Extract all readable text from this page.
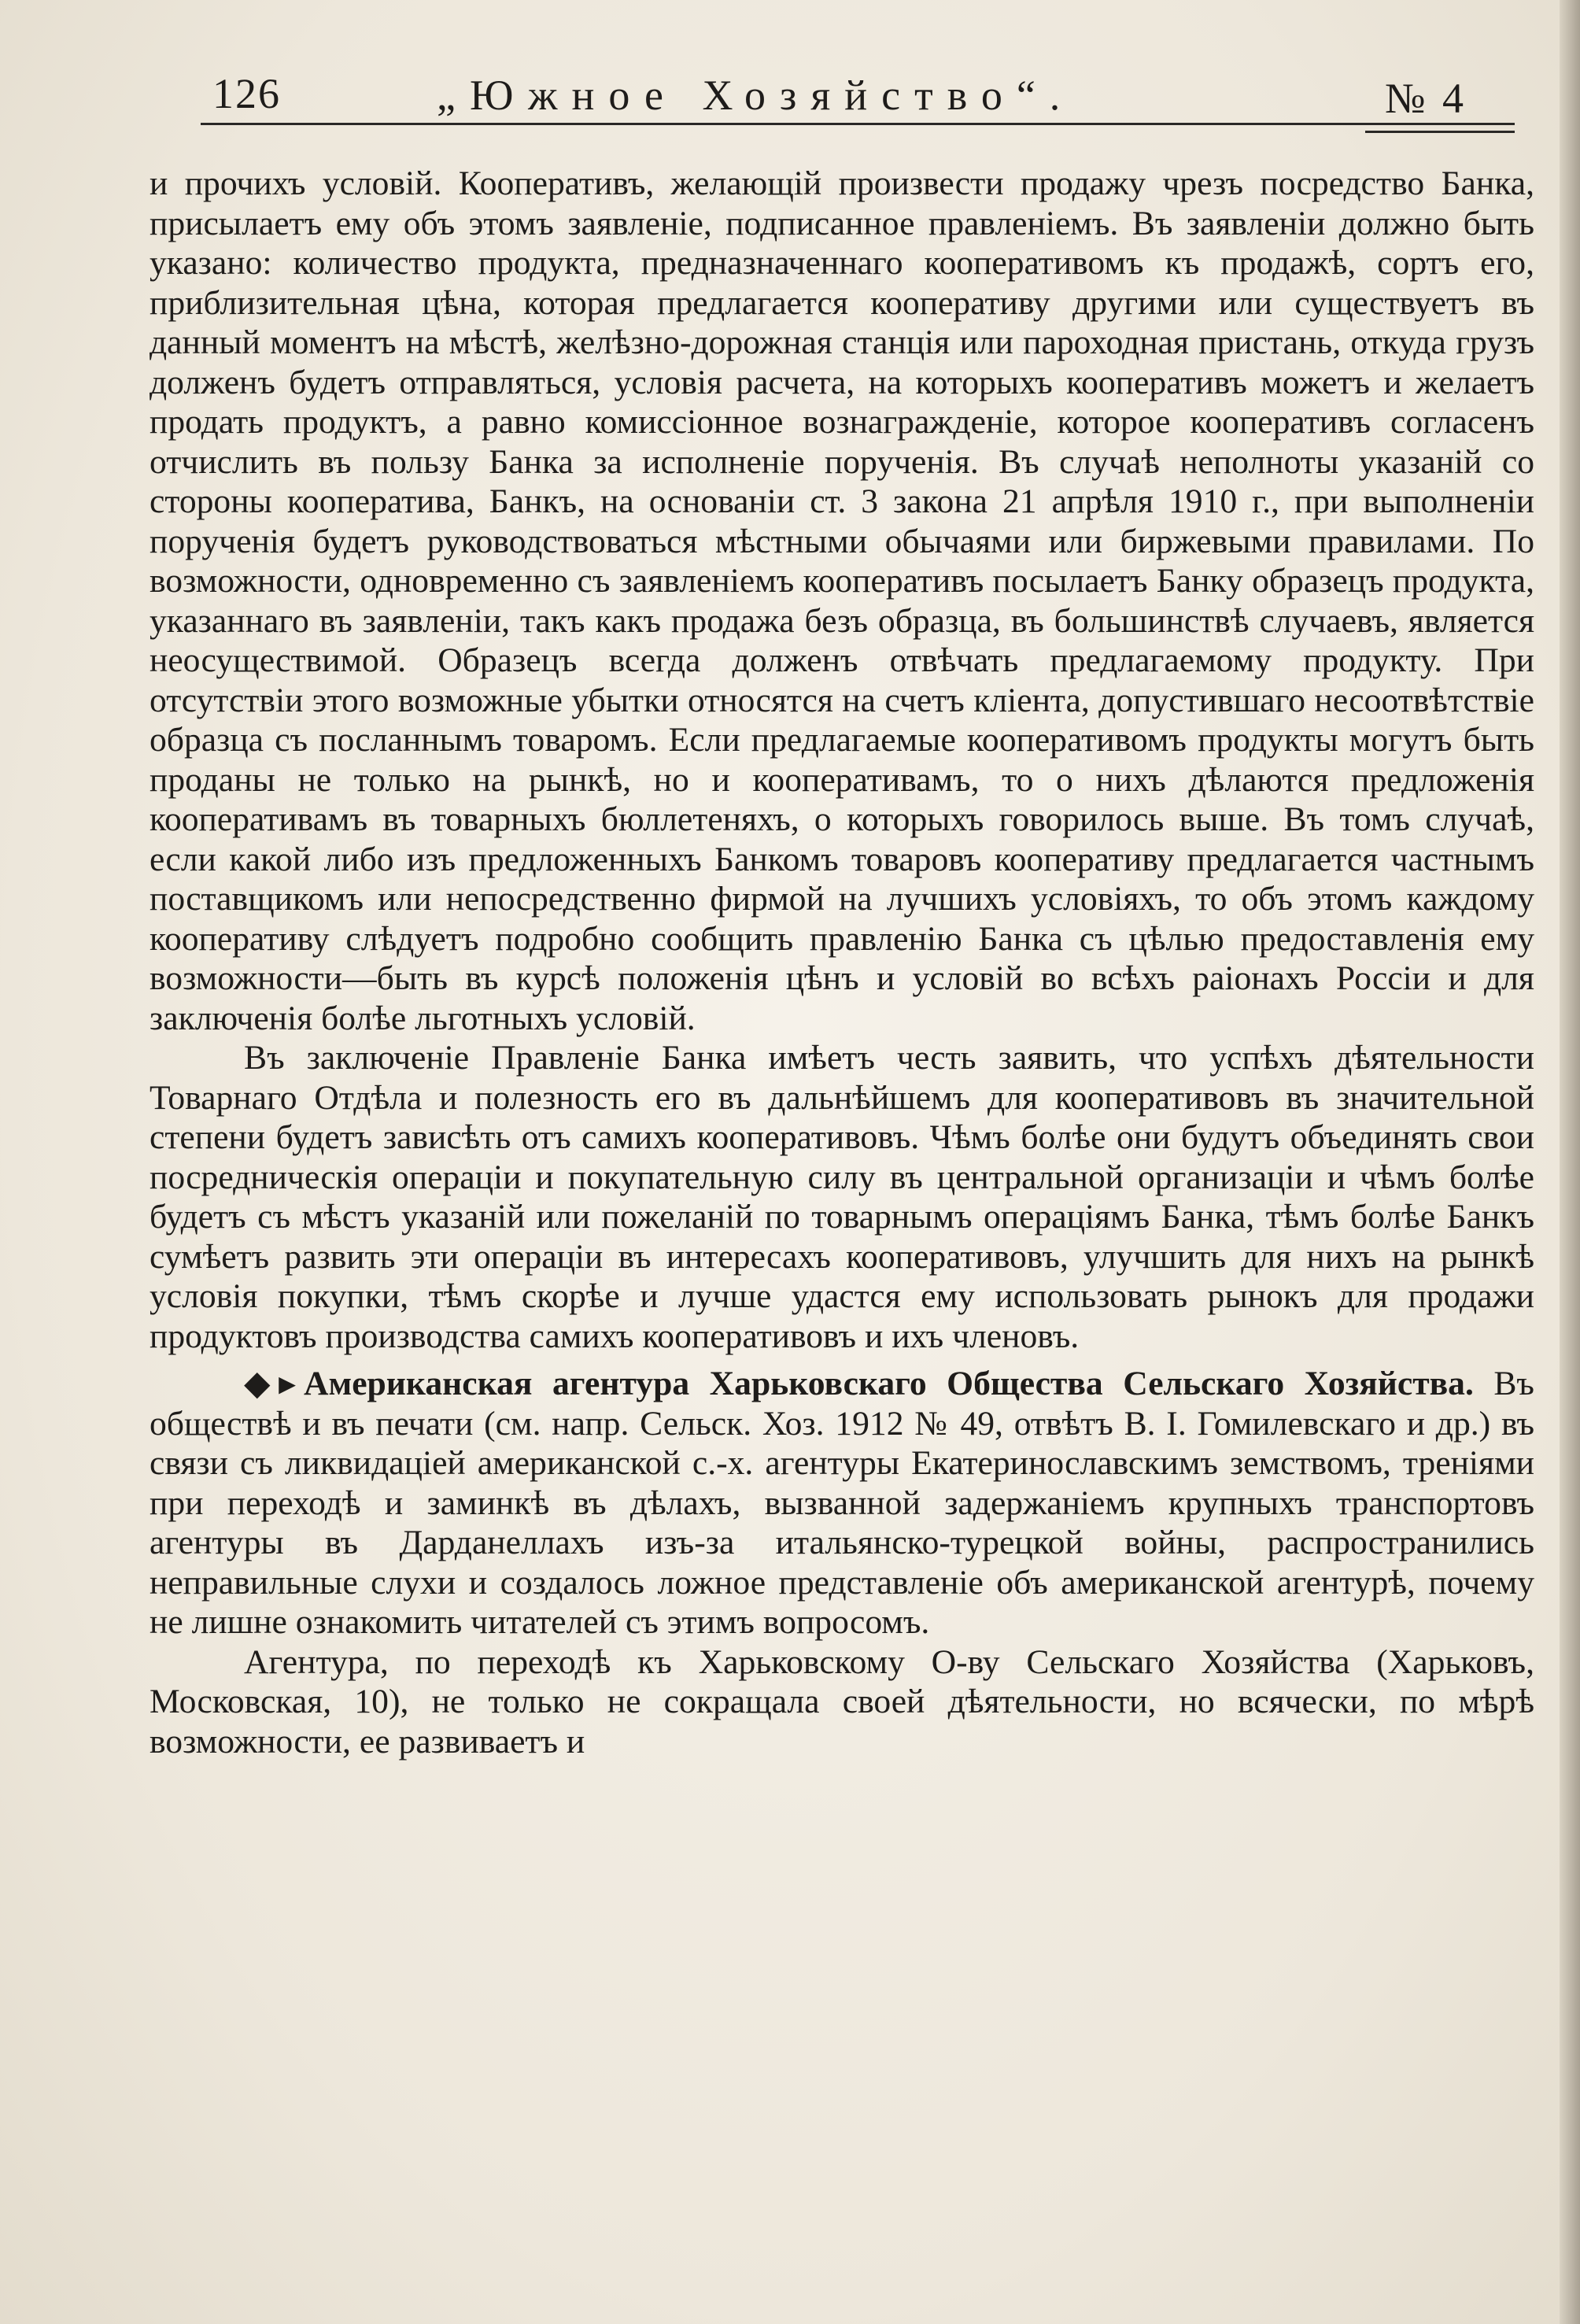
126	„Южное Хозяйство“.	№ 4

и прочихъ условій. Кооперативъ, желающій произвести продажу чрезъ посредство Банка, присылаетъ ему объ этомъ заявленіе, подписанное правленіемъ. Въ заявленіи должно быть указано: количество продукта, предназначеннаго кооперативомъ къ продажѣ, сортъ его, приблизительная цѣна, которая предлагается кооперативу другими или существуетъ въ данный моментъ на мѣстѣ, желѣзно-дорожная станція или пароходная пристань, откуда грузъ долженъ будетъ отправляться, условія расчета, на которыхъ кооперативъ можетъ и желаетъ продать продуктъ, а равно комиссіонное вознагражденіе, которое кооперативъ согласенъ отчислить въ пользу Банка за исполненіе порученія. Въ случаѣ неполноты указаній со стороны кооператива, Банкъ, на основаніи ст. 3 закона 21 апрѣля 1910 г., при выполненіи порученія будетъ руководствоваться мѣстными обычаями или биржевыми правилами. По возможности, одновременно съ заявленіемъ кооперативъ посылаетъ Банку образецъ продукта, указаннаго въ заявленіи, такъ какъ продажа безъ образца, въ большинствѣ случаевъ, является неосуществимой. Образецъ всегда долженъ отвѣчать предлагаемому продукту. При отсутствіи этого возможные убытки относятся на счетъ кліента, допустившаго несоотвѣтствіе образца съ посланнымъ товаромъ. Если предлагаемые кооперативомъ продукты могутъ быть проданы не только на рынкѣ, но и кооперативамъ, то о нихъ дѣлаются предложенія кооперативамъ въ товарныхъ бюллетеняхъ, о которыхъ говорилось выше. Въ томъ случаѣ, если какой либо изъ предложенныхъ Банкомъ товаровъ кооперативу предлагается частнымъ поставщикомъ или непосредственно фирмой на лучшихъ условіяхъ, то объ этомъ каждому кооперативу слѣдуетъ подробно сообщить правленію Банка съ цѣлью предоставленія ему возможности—быть въ курсѣ положенія цѣнъ и условій во всѣхъ раіонахъ Россіи и для заключенія болѣе льготныхъ условій.

Въ заключеніе Правленіе Банка имѣетъ честь заявить, что успѣхъ дѣятельности Товарнаго Отдѣла и полезность его въ дальнѣйшемъ для кооперативовъ въ значительной степени будетъ зависѣть отъ самихъ кооперативовъ. Чѣмъ болѣе они будутъ объединять свои посредническія операціи и покупательную силу въ центральной организаціи и чѣмъ болѣе будетъ съ мѣстъ указаній или пожеланій по товарнымъ операціямъ Банка, тѣмъ болѣе Банкъ сумѣетъ развить эти операціи въ интересахъ кооперативовъ, улучшить для нихъ на рынкѣ условія покупки, тѣмъ скорѣе и лучше удастся ему использовать рынокъ для продажи продуктовъ производства самихъ кооперативовъ и ихъ членовъ.

◆▸ Американская агентура Харьковскаго Общества Сельскаго Хозяйства. Въ обществѣ и въ печати (см. напр. Сельск. Хоз. 1912 № 49, отвѣтъ В. І. Гомилевскаго и др.) въ связи съ ликвидаціей американской с.-х. агентуры Екатеринославскимъ земствомъ, треніями при переходѣ и заминкѣ въ дѣлахъ, вызванной задержаніемъ крупныхъ транспортовъ агентуры въ Дарданеллахъ изъ-за итальянско-турецкой войны, распространились неправильные слухи и создалось ложное представленіе объ американской агентурѣ, почему не лишне ознакомить читателей съ этимъ вопросомъ.

Агентура, по переходѣ къ Харьковскому О-ву Сельскаго Хозяйства (Харьковъ, Московская, 10), не только не сокращала своей дѣятельности, но всячески, по мѣрѣ возможности, ее развиваетъ и
